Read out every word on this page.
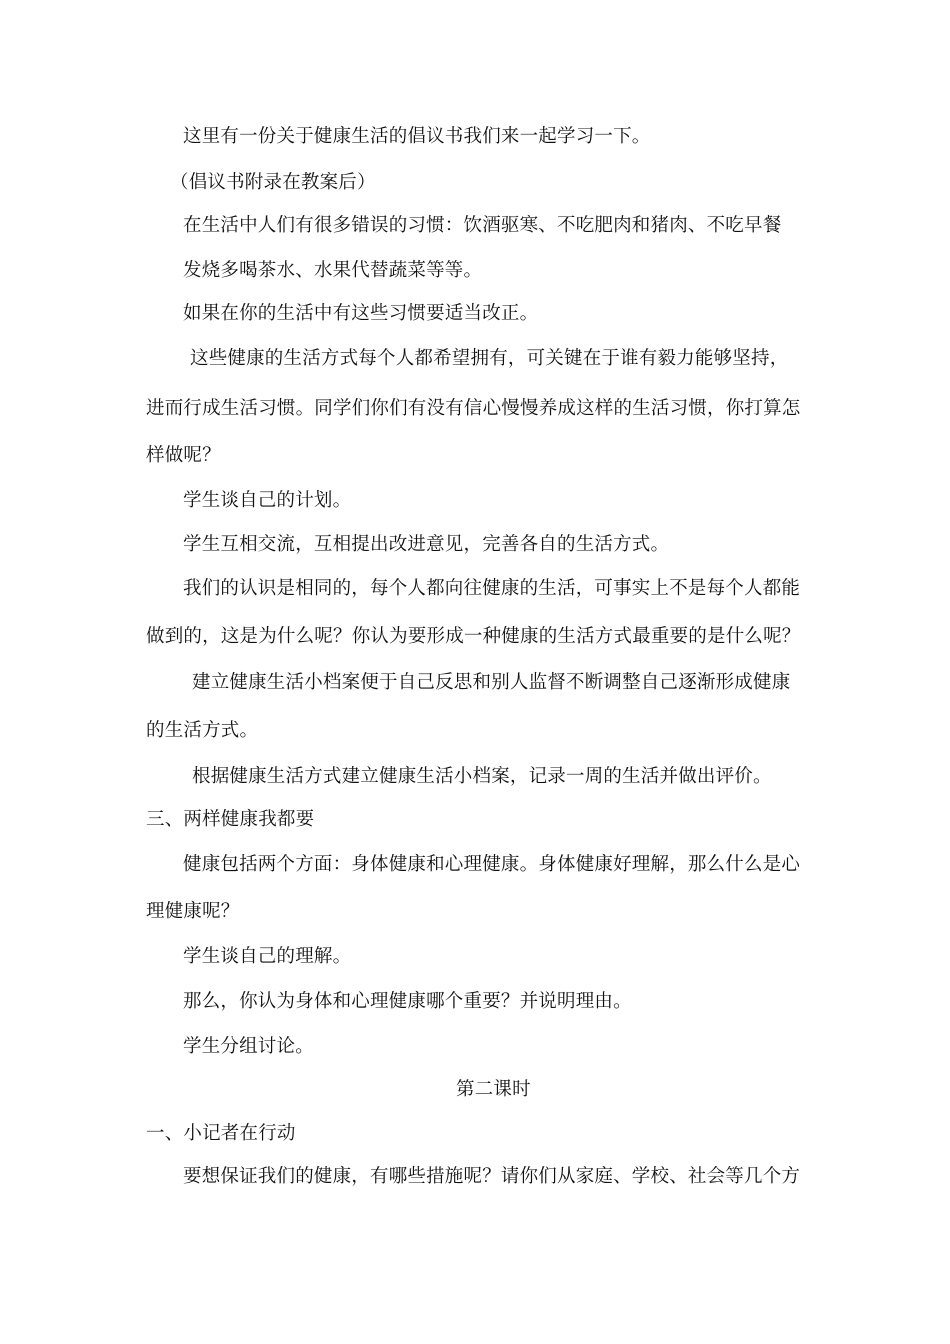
这里有一份关于健康生活的倡议书我们来一起学习一下。
（倡议书附录在教案后）
在生活中人们有很多错误的习惯：饮酒驱寒、不吃肥肉和猪肉、不吃早餐
发烧多喝茶水、水果代替蔬菜等等。
如果在你的生活中有这些习惯要适当改正。
这些健康的生活方式每个人都希望拥有，可关键在于谁有毅力能够坚持，
进而行成生活习惯。同学们你们有没有信心慢慢养成这样的生活习惯，你打算怎
样做呢？
学生谈自己的计划。
学生互相交流，互相提出改进意见，完善各自的生活方式。
我们的认识是相同的，每个人都向往健康的生活，可事实上不是每个人都能
做到的，这是为什么呢？你认为要形成一种健康的生活方式最重要的是什么呢？
建立健康生活小档案便于自己反思和别人监督不断调整自己逐渐形成健康
的生活方式。
根据健康生活方式建立健康生活小档案，记录一周的生活并做出评价。
三、两样健康我都要
健康包括两个方面：身体健康和心理健康。身体健康好理解，那么什么是心
理健康呢？
学生谈自己的理解。
那么，你认为身体和心理健康哪个重要？并说明理由。
学生分组讨论。
第二课时
一、小记者在行动
要想保证我们的健康，有哪些措施呢？请你们从家庭、学校、社会等几个方
